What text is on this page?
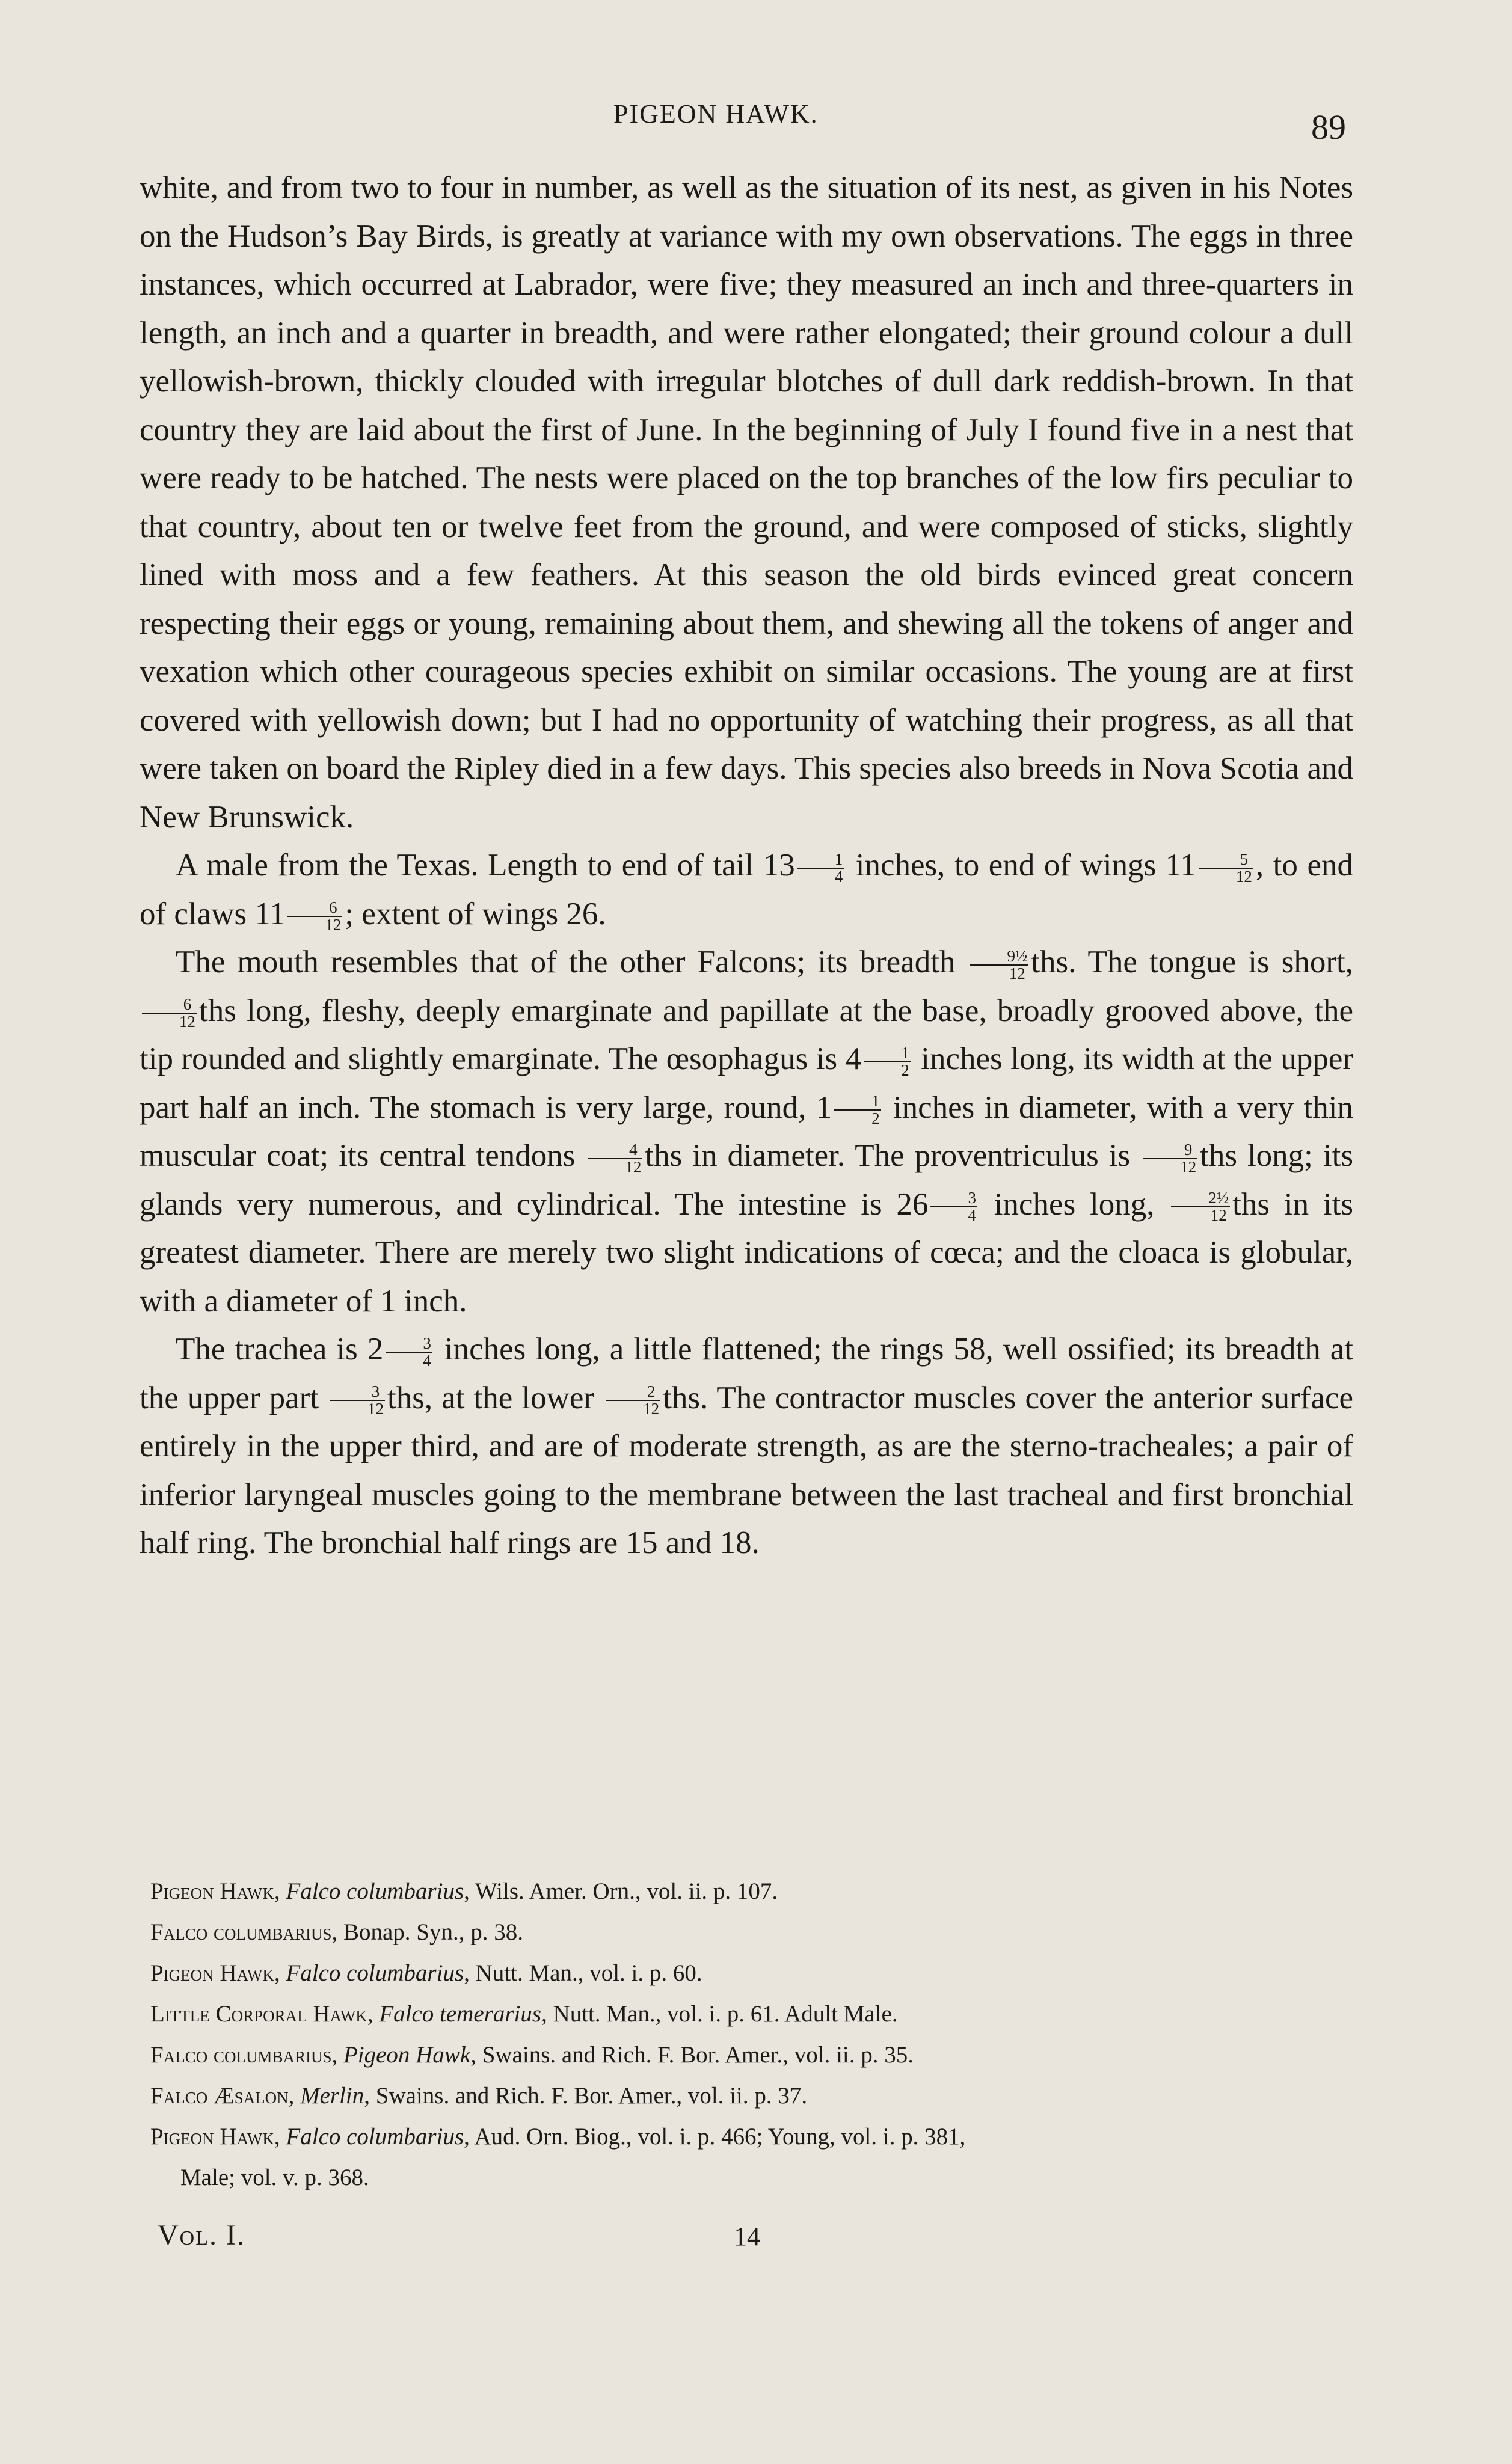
PIGEON HAWK.	89

white, and from two to four in number, as well as the situation of its nest, as given in his Notes on the Hudson’s Bay Birds, is greatly at variance with my own observations. The eggs in three instances, which occurred at Labrador, were five; they measured an inch and three-quarters in length, an inch and a quarter in breadth, and were rather elongated; their ground colour a dull yellowish-brown, thickly clouded with irregular blotches of dull dark reddish-brown. In that country they are laid about the first of June. In the beginning of July I found five in a nest that were ready to be hatched. The nests were placed on the top branches of the low firs peculiar to that country, about ten or twelve feet from the ground, and were composed of sticks, slightly lined with moss and a few feathers. At this season the old birds evinced great concern respecting their eggs or young, remaining about them, and shewing all the tokens of anger and vexation which other courageous species exhibit on similar occasions. The young are at first covered with yellowish down; but I had no opportunity of watching their progress, as all that were taken on board the Ripley died in a few days. This species also breeds in Nova Scotia and New Brunswick.

A male from the Texas. Length to end of tail $13 \frac{1}{4}$ inches, to end of wings $11 \frac{5}{12}$ , to end of claws $11 \frac{6}{12}$ ; extent of wings 26.

The mouth resembles that of the other Falcons; its breadth $\frac{\text{9½}}{12}$ ths. The tongue is short,
$\frac{6}{12}$ ths long, fleshy, deeply emarginate and papillate at the base, broadly grooved above, the tip rounded and slightly emarginate. The œsophagus is $4 \frac{1}{2}$ inches long, its width at the upper part half an inch. The stomach is very large, round, $1 \frac{1}{2}$ inches in diameter, with a very thin muscular coat; its central tendons $\frac{4}{12}$ ths in diameter. The proventriculus is $\frac{9}{12}$ ths long; its glands very numerous, and cylindrical. The intestine is $26 \frac{3}{4}$ inches long, $\frac{\text{2½}}{12}$ ths in its greatest diameter. There are merely two slight indications of cœca; and the cloaca is globular, with a diameter of 1 inch.

The trachea is $2 \frac{3}{4}$ inches long, a little flattened; the rings 58, well ossified; its breadth at the upper part $\frac{3}{12}$ ths, at the lower $\frac{2}{12}$ ths. The contractor muscles cover the anterior surface entirely in the upper third, and are of moderate strength, as are the sterno-tracheales; a pair of inferior laryngeal muscles going to the membrane between the last tracheal and first bronchial half ring. The bronchial half rings are 15 and 18.

Pigeon Hawk, Falco columbarius, Wils. Amer. Orn., vol. ii. p. 107.

Falco columbarius, Bonap. Syn., p. 38.

Pigeon Hawk, Falco columbarius, Nutt. Man., vol. i. p. 60.

Little Corporal Hawk, Falco temerarius, Nutt. Man., vol. i. p. 61. Adult Male.

Falco columbarius, Pigeon Hawk, Swains. and Rich. F. Bor. Amer., vol. ii. p. 35.

Falco Æsalon, Merlin, Swains. and Rich. F. Bor. Amer., vol. ii. p. 37.

Pigeon Hawk, Falco columbarius, Aud. Orn. Biog., vol. i. p. 466; Young, vol. i. p. 381,
Male; vol. v. p. 368.

Vol. I.	14
